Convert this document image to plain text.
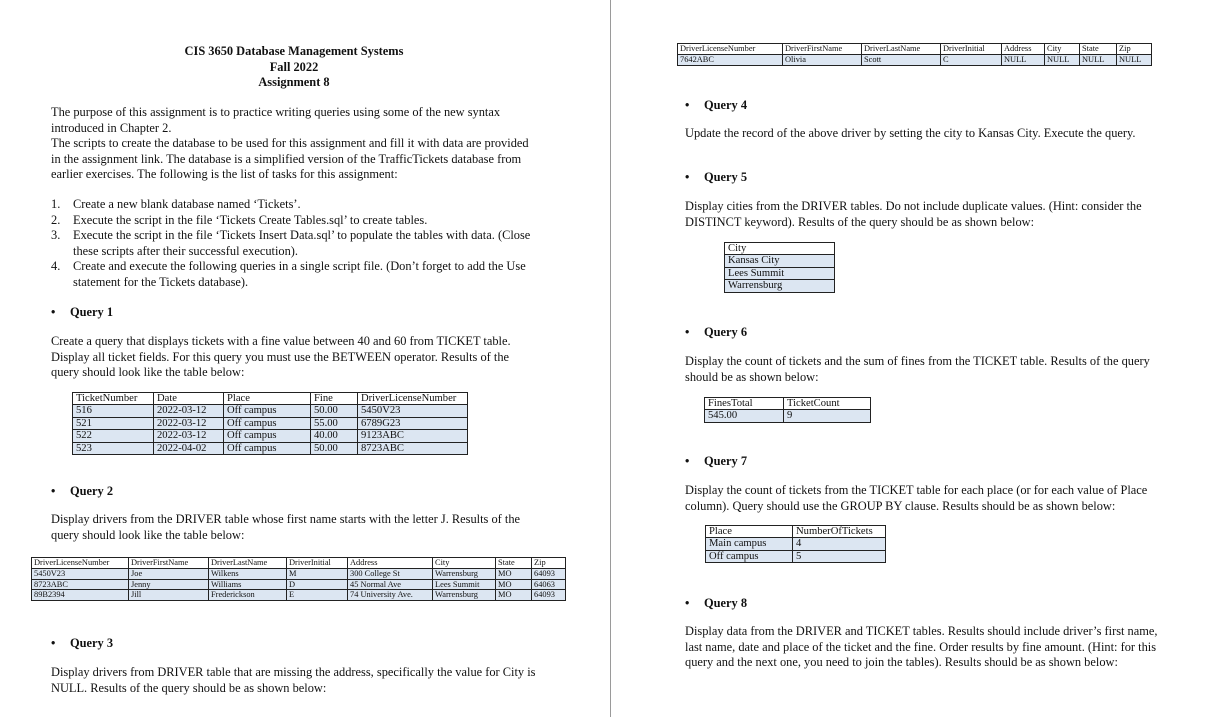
CIS 3650 Database Management Systems
Fall 2022
Assignment 8

The purpose of this assignment is to practice writing queries using some of the new syntax introduced in Chapter 2.

The scripts to create the database to be used for this assignment and fill it with data are provided in the assignment link. The database is a simplified version of the TrafficTickets database from earlier exercises. The following is the list of tasks for this assignment:

1. Create a new blank database named ‘Tickets’.
2. Execute the script in the file ‘Tickets Create Tables.sql’ to create tables.
3. Execute the script in the file ‘Tickets Insert Data.sql’ to populate the tables with data. (Close these scripts after their successful execution).
4. Create and execute the following queries in a single script file. (Don’t forget to add the Use statement for the Tickets database).
• Query 1
Create a query that displays tickets with a fine value between 40 and 60 from TICKET table. Display all ticket fields. For this query you must use the BETWEEN operator. Results of the query should look like the table below:
TicketNumber	Date	Place	Fine	DriverLicenseNumber
516	2022-03-12	Off campus	50.00	5450V23
521	2022-03-12	Off campus	55.00	6789G23
522	2022-03-12	Off campus	40.00	9123ABC
523	2022-04-02	Off campus	50.00	8723ABC
• Query 2
Display drivers from the DRIVER table whose first name starts with the letter J. Results of the query should look like the table below:
DriverLicenseNumber	DriverFirstName	DriverLastName	DriverInitial	Address	City	State	Zip
5450V23	Joe	Wilkens	M	300 College St	Warrensburg	MO	64093
8723ABC	Jenny	Williams	D	45 Normal Ave	Lees Summit	MO	64063
89B2394	Jill	Frederickson	E	74 University Ave.	Warrensburg	MO	64093
• Query 3
Display drivers from DRIVER table that are missing the address, specifically the value for City is NULL. Results of the query should be as shown below:
DriverLicenseNumber	DriverFirstName	DriverLastName	DriverInitial	Address	City	State	Zip
7642ABC	Olivia	Scott	C	NULL	NULL	NULL	NULL
• Query 4
Update the record of the above driver by setting the city to Kansas City. Execute the query.
• Query 5
Display cities from the DRIVER tables. Do not include duplicate values. (Hint: consider the DISTINCT keyword). Results of the query should be as shown below:
City
Kansas City
Lees Summit
Warrensburg
• Query 6
Display the count of tickets and the sum of fines from the TICKET table. Results of the query should be as shown below:
FinesTotal	TicketCount
545.00	9
• Query 7
Display the count of tickets from the TICKET table for each place (or for each value of Place column). Query should use the GROUP BY clause. Results should be as shown below:
Place	NumberOfTickets
Main campus	4
Off campus	5
• Query 8
Display data from the DRIVER and TICKET tables. Results should include driver’s first name, last name, date and place of the ticket and the fine. Order results by fine amount. (Hint: for this query and the next one, you need to join the tables). Results should be as shown below:
